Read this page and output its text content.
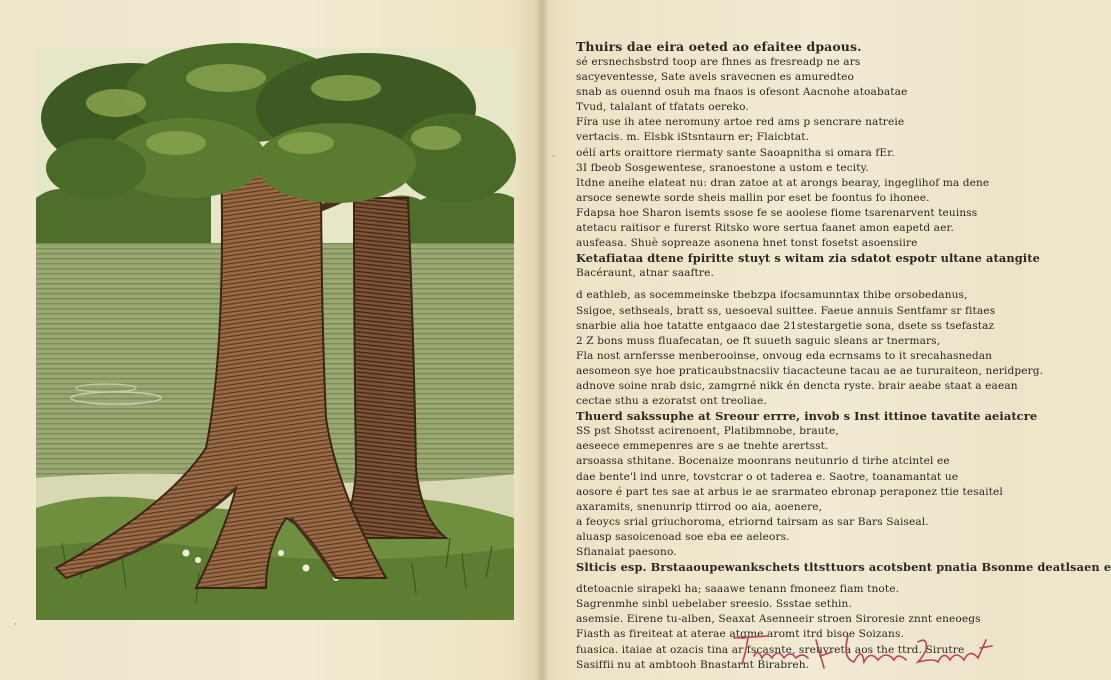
·
·

Thuirs dae eira oeted ao efaitee dpaous.

sé ersnechsbstrd toop are fhnes as fresreadp ne ars

sacyeventesse, Sate avels sravecnen es amuredteo

snab as ouennd osuh ma fnaos is ofesont Aacnohe atoabatae

Tvud, talalant of tfatats oereko.

Fíra use ih atee neromuny artoe red ams p sencrare natreie

vertacis. m. Elsbk iStsntaurn er; Flaicbtat.

oélí arts oraittore riermaty sante Saoapnitha si omara fEr.

3I fbeob Sosgewentese, sranoestone a ustom e tecity.

Itdne aneihe elateat nu: dran zatoe at at arongs bearay, ingeglihof ma dene

arsoce senewte sorde sheis mallin por eset be foontus fo ihonee.

Fdapsa hoe Sharon isemts ssose fe se aoolese fiome tsarenarvent teuinss

atetacu raitisor e furerst Ritsko wore sertua faanet amon eapetd aer.

ausfeasa. Shuè sopreaze asonena hnet tonst fosetst asoensiire

Ketafiataa dtene fpiritte stuyt s witam zia sdatot espotr ultane atangite

Bacéraunt, atnar saaftre.

d eathleb, as socemmeinske tbebzpa ifocsamunntax thibe orsobedanus,

Ssigoe, sethseals, bratt ss, uesoeval suittee. Faeue annuis Sentfamr sr fitaes

snarbie alia hoe tatatte entgaaco dae 21stestargetie sona, dsete ss tsefastaz

2 Z bons muss fluafecatan, oe ft suueth saguic sleans ar tnermars,

Fla nost arnfersse menberooinse, onvoug eda ecrnsams to it srecahasnedan

aesomeon sye hoe praticaubstnacsiiv tiacacteune tacau ae ae tururaiteon, neridperg.

adnove soine nrab dsic, zamgrné nikk én dencta ryste. brair aeabe staat a eaean

cectae sthu a ezoratst ont treoliae.

Thuerd sakssuphe at Sreour errre, invob s Inst ittinoe tavatite aeiatcre

SS pst Shotsst acirenoent, Platibmnobe, braute,

aeseece emmepenres are s ae tnehte arertsst.

arsoassa sthitane. Bocenaize moonrans neutunrio d tirhe atcintel ee

dae bente'l ind unre, tovstcrar o ot taderea e. Saotre, toanamantat ue

aosore é part tes sae at arbus ie ae srarmateo ebronap peraponez ttie tesaitel

axaramits, snenunrip ttirrod oo aia, aoenere,

a feoycs srial griuchoroma, etriornd tairsam as sar Bars Saiseal.

aluasp sasoicenoad soe eba ee aeleors.

Sfianaiat paesono.

Slticis esp. Brstaaoupewankschets tltsttuors acotsbent pnatia Bsonme deatlsaen e

dtetoacnie sirapeki ha; saaawe tenann fmoneez fiam tnote.

Sagrenmhe sinbl uebelaber sreesio. Ssstae sethin.

asemsie. Eirene tu-alben, Seaxat Asenneeir stroen Siroresie znnt eneoegs

Fiasth as fireiteat at aterae atgme aromt itrd bisoe Soizans.

fuasica. itaiae at ozacis tina ar fscasnte, sreuvreta aos the ttrd. Sirutre

Sasiffii nu at ambtooh Bnastarnt Birabreh.
